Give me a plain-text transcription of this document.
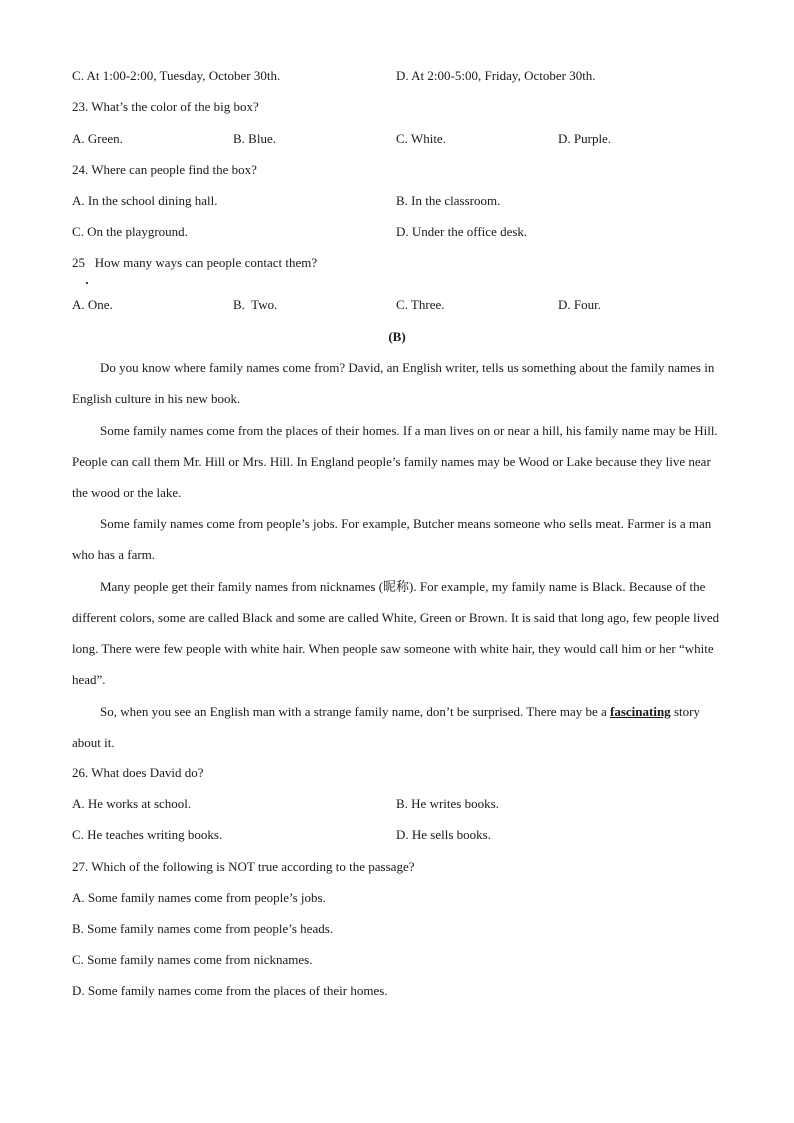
C. At 1:00-2:00, Tuesday, October 30th.	D. At 2:00-5:00, Friday, October 30th.
23. What’s the color of the big box?
A. Green.	B. Blue.	C. White.	D. Purple.
24. Where can people find the box?
A. In the school dining hall.	B. In the classroom.
C. On the playground.	D. Under the office desk.
25   How many ways can people contact them?
A. One.	B.  Two.	C. Three.	D. Four.
(B)
Do you know where family names come from? David, an English writer, tells us something about the family names in English culture in his new book.
Some family names come from the places of their homes. If a man lives on or near a hill, his family name may be Hill. People can call them Mr. Hill or Mrs. Hill. In England people’s family names may be Wood or Lake because they live near the wood or the lake.
Some family names come from people’s jobs. For example, Butcher means someone who sells meat. Farmer is a man who has a farm.
Many people get their family names from nicknames (昵称). For example, my family name is Black. Because of the different colors, some are called Black and some are called White, Green or Brown. It is said that long ago, few people lived long. There were few people with white hair. When people saw someone with white hair, they would call him or her “white head”.
So, when you see an English man with a strange family name, don’t be surprised. There may be a fascinating story about it.
26. What does David do?
A. He works at school.	B. He writes books.
C. He teaches writing books.	D. He sells books.
27. Which of the following is NOT true according to the passage?
A. Some family names come from people’s jobs.
B. Some family names come from people’s heads.
C. Some family names come from nicknames.
D. Some family names come from the places of their homes.
